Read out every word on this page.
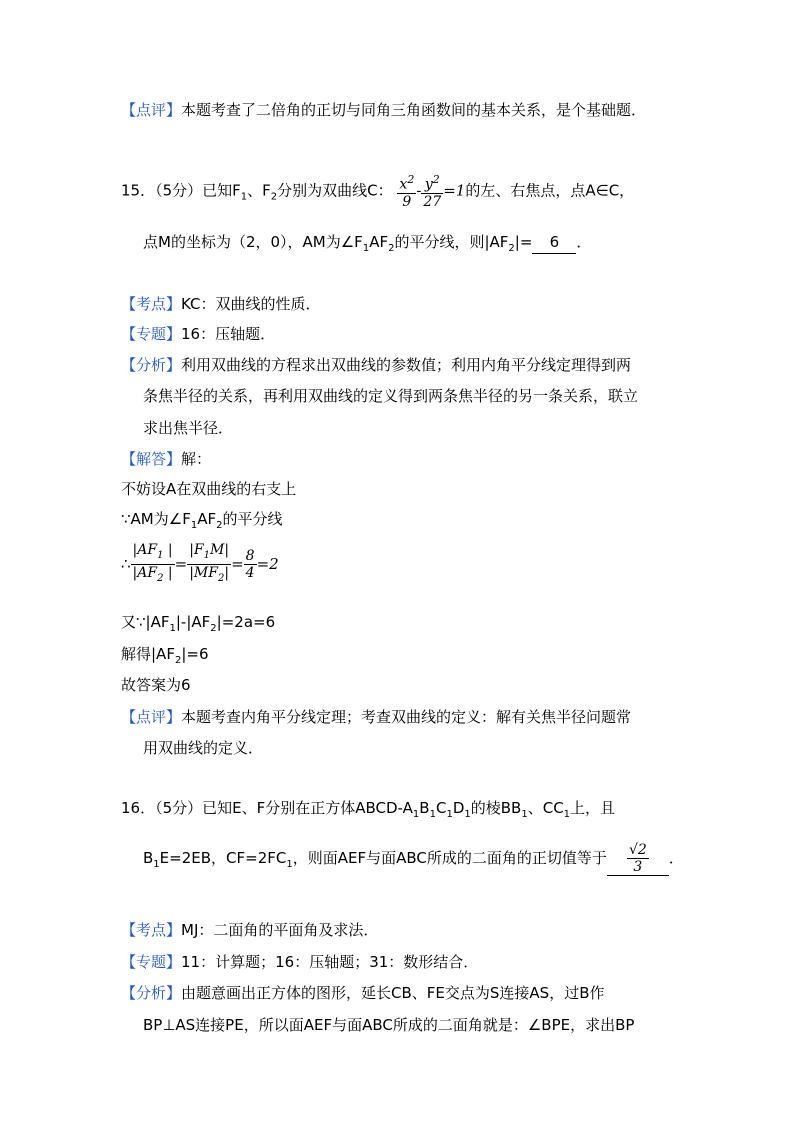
【点评】本题考查了二倍角的正切与同角三角函数间的基本关系，是个基础题．
15．（5分）已知$F_1$、$F_2$分别为双曲线C： $\frac{x^2}{9} - \frac{y^2}{27} =1$的左、右焦点，点A∈C，
点M的坐标为（2，0），AM为$\angle F_1AF_2$的平分线，则$|AF_2|= 6$ ．
【考点】KC：双曲线的性质．
【专题】16：压轴题．
【分析】利用双曲线的方程求出双曲线的参数值；利用内角平分线定理得到两
条焦半径的关系，再利用双曲线的定义得到两条焦半径的另一条关系，联立
求出焦半径．
【解答】解：
不妨设A在双曲线的右支上
∵AM为$\angle F_1AF_2$的平分线
∴ $\frac{|AF_1 |}{|AF_2 |} = \frac{|F_1M|}{|MF_2|} = \frac{8}{4} =2$
又$\because|AF_1|-|AF_2|=2a=6$
解得$|AF_2|=6$
故答案为6
【点评】本题考查内角平分线定理；考查双曲线的定义：解有关焦半径问题常
用双曲线的定义．
16．（5分）已知E、F分别在正方体ABCD-$A_1B_1C_1D_1$的棱$BB_1$、$CC_1$上，且
$B_1E=2EB$，$CF=2FC_1$，则面AEF与面ABC所成的二面角的正切值等于 $\frac{√2}{3}$ ．
【考点】MJ：二面角的平面角及求法．
【专题】11：计算题；16：压轴题；31：数形结合．
【分析】由题意画出正方体的图形，延长CB、FE交点为S连接AS，过B作
BP⊥AS连接PE，所以面AEF与面ABC所成的二面角就是：∠BPE，求出BP
